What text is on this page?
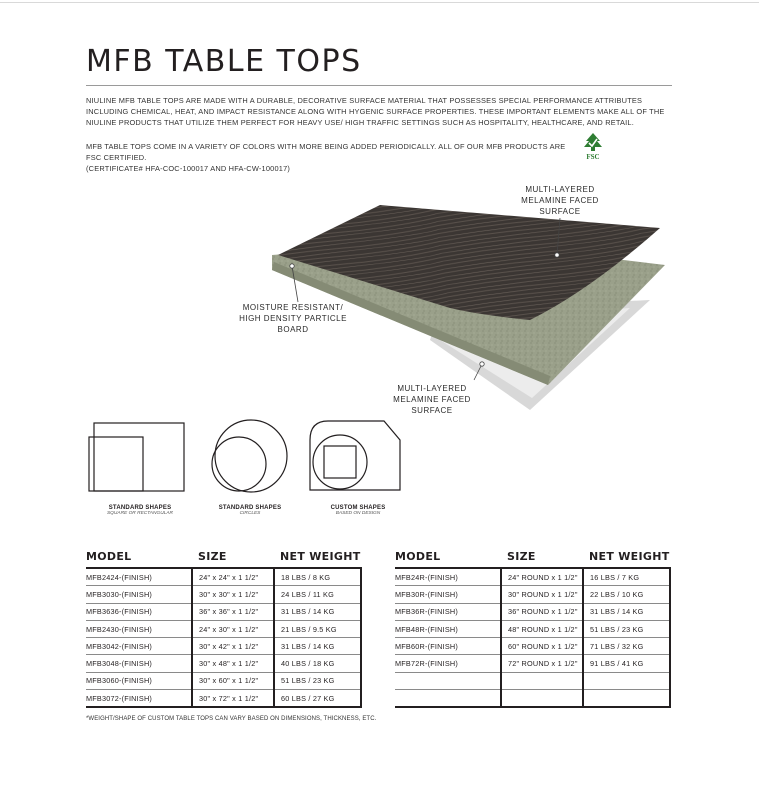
MFB TABLE TOPS
NIULINE MFB TABLE TOPS ARE MADE WITH A DURABLE, DECORATIVE SURFACE MATERIAL THAT POSSESSES SPECIAL PERFORMANCE ATTRIBUTES INCLUDING CHEMICAL, HEAT, AND IMPACT RESISTANCE ALONG WITH HYGENIC SURFACE PROPERTIES. THESE IMPORTANT ELEMENTS MAKE ALL OF THE NIULINE PRODUCTS THAT UTILIZE THEM PERFECT FOR HEAVY USE/ HIGH TRAFFIC SETTINGS SUCH AS HOSPITALITY, HEALTHCARE, AND RETAIL.
MFB TABLE TOPS COME IN A VARIETY OF COLORS WITH MORE BEING ADDED PERIODICALLY. ALL OF OUR MFB PRODUCTS ARE FSC CERTIFIED.
(CERTIFICATE# HFA-COC-100017 AND HFA-CW-100017)
FSC
MULTI-LAYERED
MELAMINE FACED
SURFACE
MOISTURE RESISTANT/
HIGH DENSITY PARTICLE
BOARD
MULTI-LAYERED
MELAMINE FACED
SURFACE
STANDARD SHAPES
SQUARE OR RECTANGULAR
STANDARD SHAPES
CIRCLES
CUSTOM SHAPES
BASED ON DESIGN
MODEL	SIZE	NET WEIGHT
MFB2424-(FINISH)	24" x 24" x 1 1/2"	18 LBS / 8 KG
MFB3030-(FINISH)	30" x 30" x 1 1/2"	24 LBS / 11 KG
MFB3636-(FINISH)	36" x 36" x 1 1/2"	31 LBS / 14 KG
MFB2430-(FINISH)	24" x 30" x 1 1/2"	21 LBS / 9.5 KG
MFB3042-(FINISH)	30" x 42" x 1 1/2"	31 LBS / 14 KG
MFB3048-(FINISH)	30" x 48" x 1 1/2"	40 LBS / 18 KG
MFB3060-(FINISH)	30" x 60" x 1 1/2"	51 LBS / 23 KG
MFB3072-(FINISH)	30" x 72" x 1 1/2"	60 LBS / 27 KG
MODEL	SIZE	NET WEIGHT
MFB24R-(FINISH)	24" ROUND x 1 1/2"	16 LBS / 7 KG
MFB30R-(FINISH)	30" ROUND x 1 1/2"	22 LBS / 10 KG
MFB36R-(FINISH)	36" ROUND x 1 1/2"	31 LBS / 14 KG
MFB48R-(FINISH)	48" ROUND x 1 1/2"	51 LBS / 23 KG
MFB60R-(FINISH)	60" ROUND x 1 1/2"	71 LBS / 32 KG
MFB72R-(FINISH)	72" ROUND x 1 1/2"	91 LBS / 41 KG

*WEIGHT/SHAPE OF CUSTOM TABLE TOPS CAN VARY BASED ON DIMENSIONS, THICKNESS, ETC.
